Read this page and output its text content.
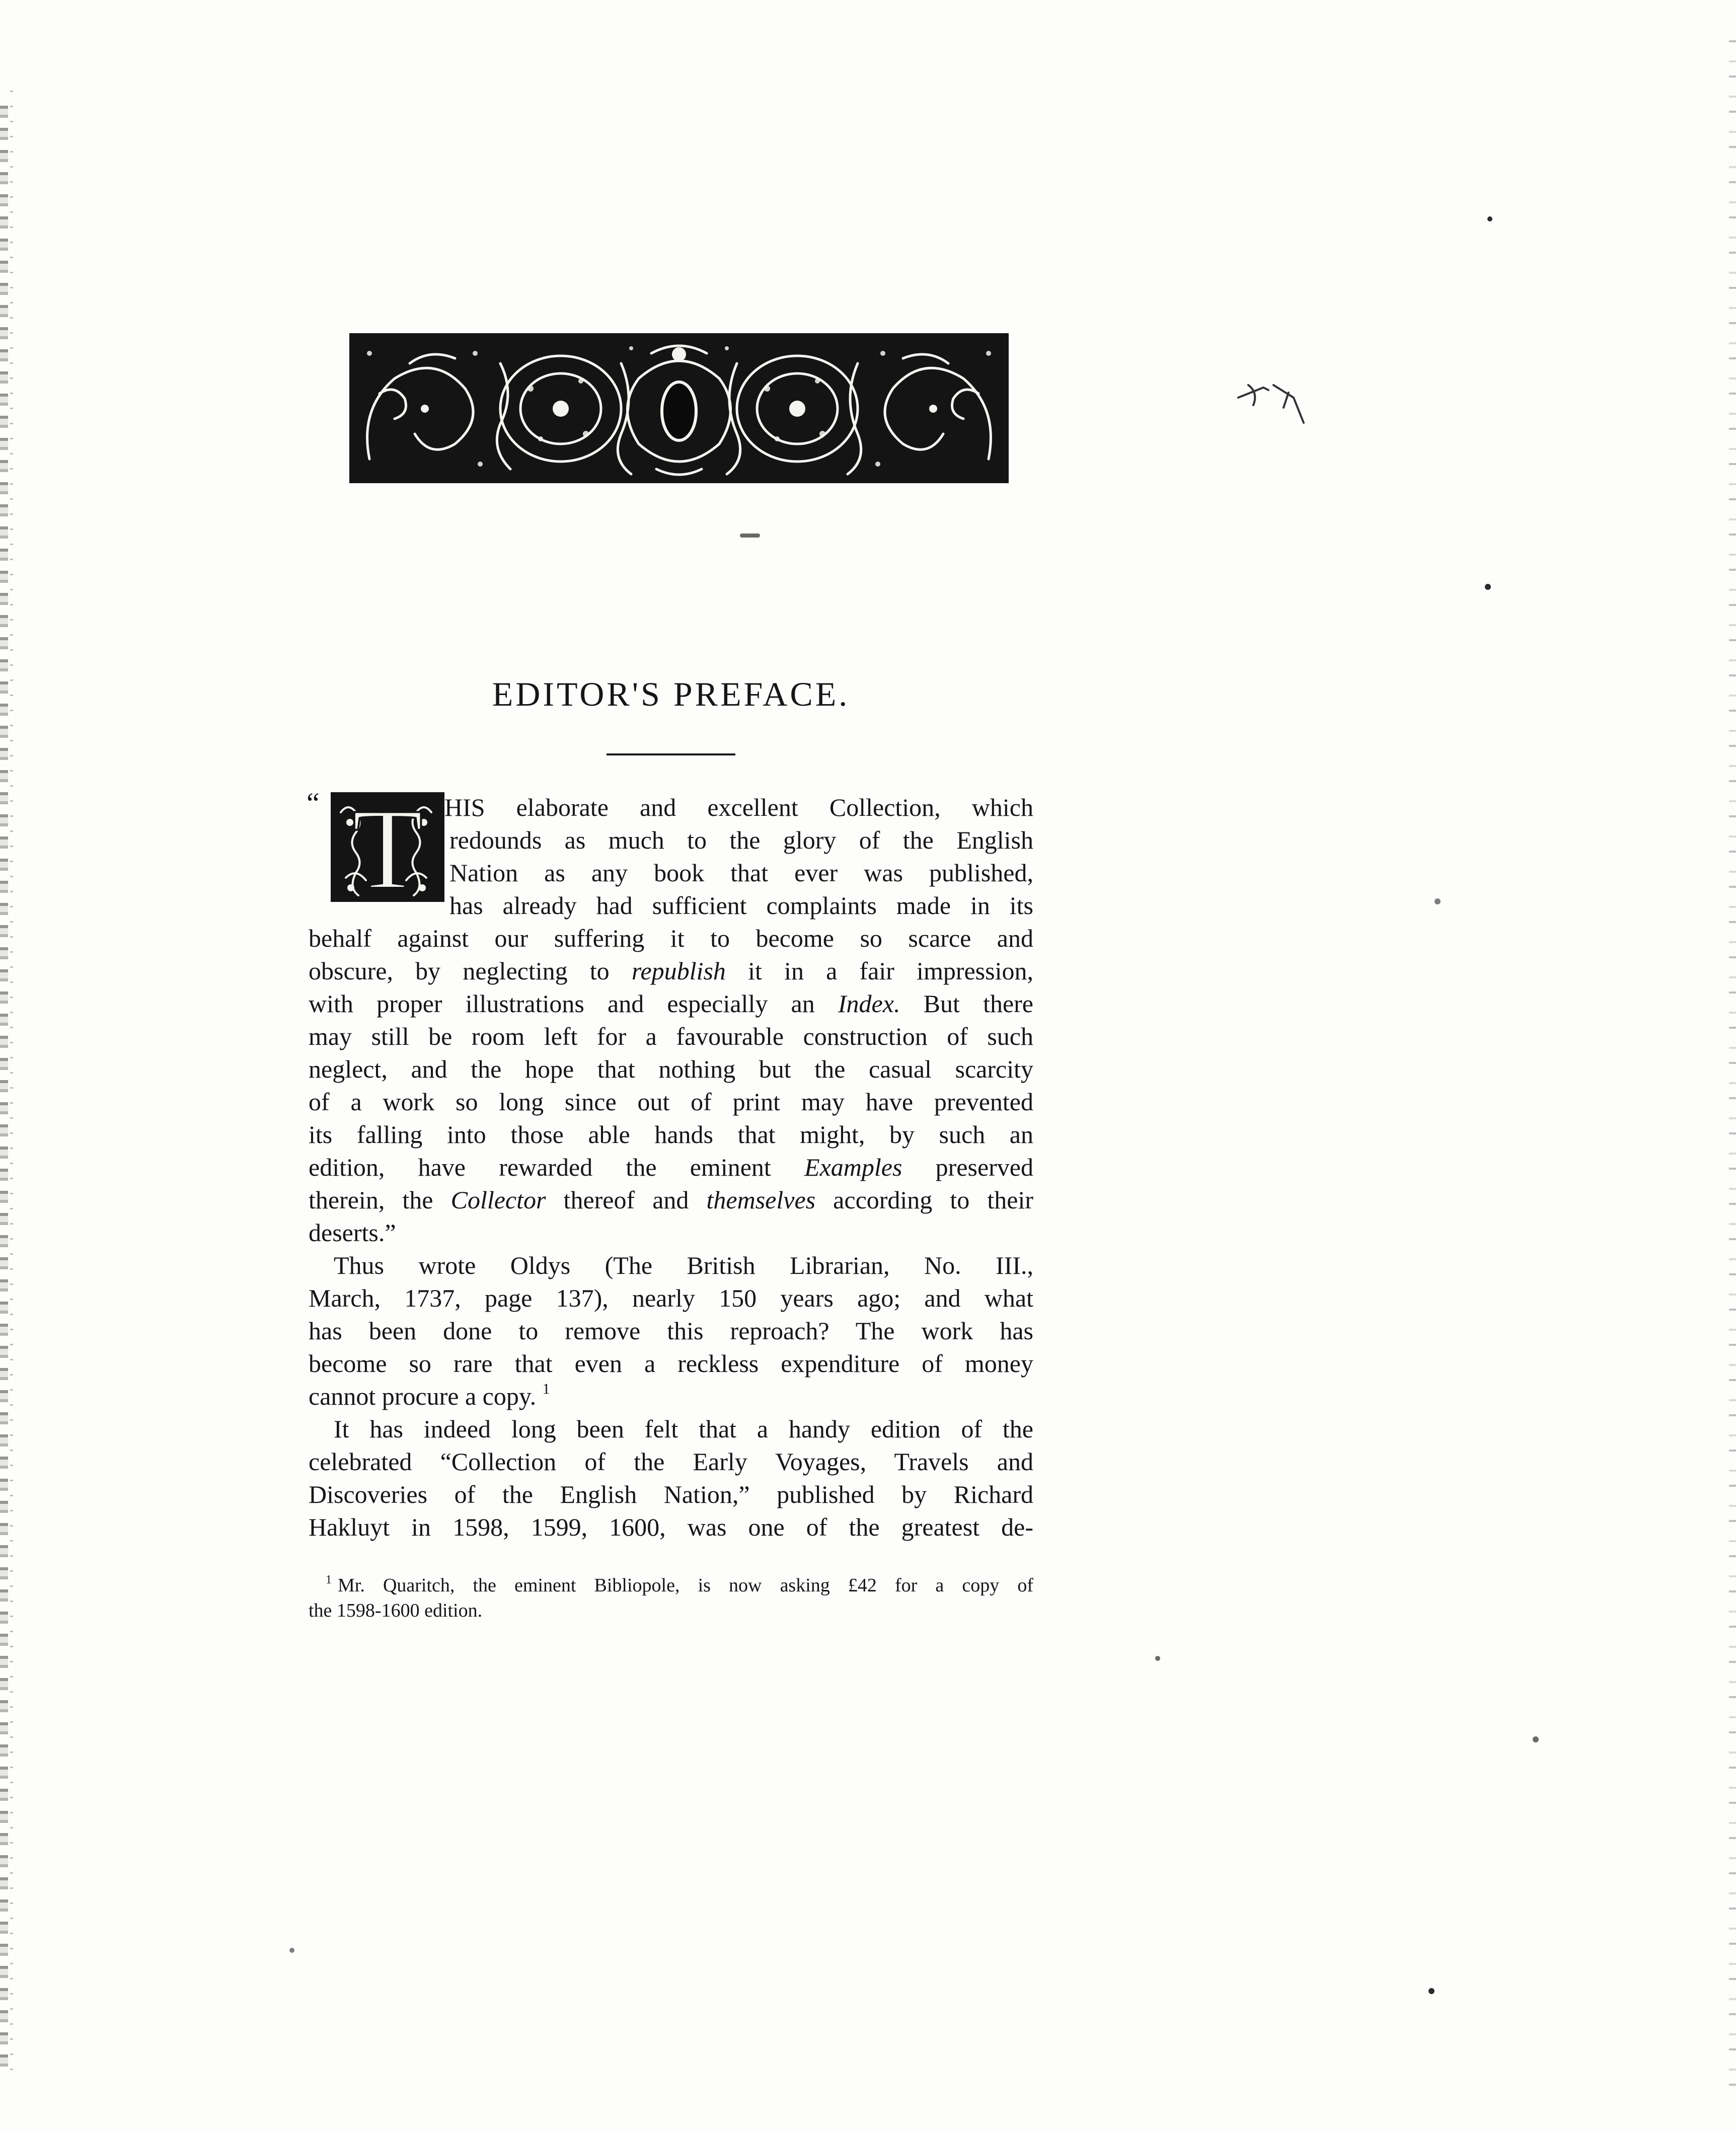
EDITOR'S PREFACE.
“ T HIS elaborate and excellent Collection, which
redounds as much to the glory of the English
Nation as any book that ever was published,
has already had sufficient complaints made in its
behalf against our suffering it to become so scarce and
obscure, by neglecting to republish it in a fair impression,
with proper illustrations and especially an Index. But there
may still be room left for a favourable construction of such
neglect, and the hope that nothing but the casual scarcity
of a work so long since out of print may have prevented
its falling into those able hands that might, by such an
edition, have rewarded the eminent Examples preserved
therein, the Collector thereof and themselves according to their
deserts.”

Thus wrote Oldys (The British Librarian, No. III.,
March, 1737, page 137), nearly 150 years ago; and what
has been done to remove this reproach? The work has
become so rare that even a reckless expenditure of money
cannot procure a copy. $^1$

It has indeed long been felt that a handy edition of the
celebrated “Collection of the Early Voyages, Travels and
Discoveries of the English Nation,” published by Richard
Hakluyt in 1598, 1599, 1600, was one of the greatest de-

$^1$ Mr. Quaritch, the eminent Bibliopole, is now asking £42 for a copy of
the 1598-1600 edition.
